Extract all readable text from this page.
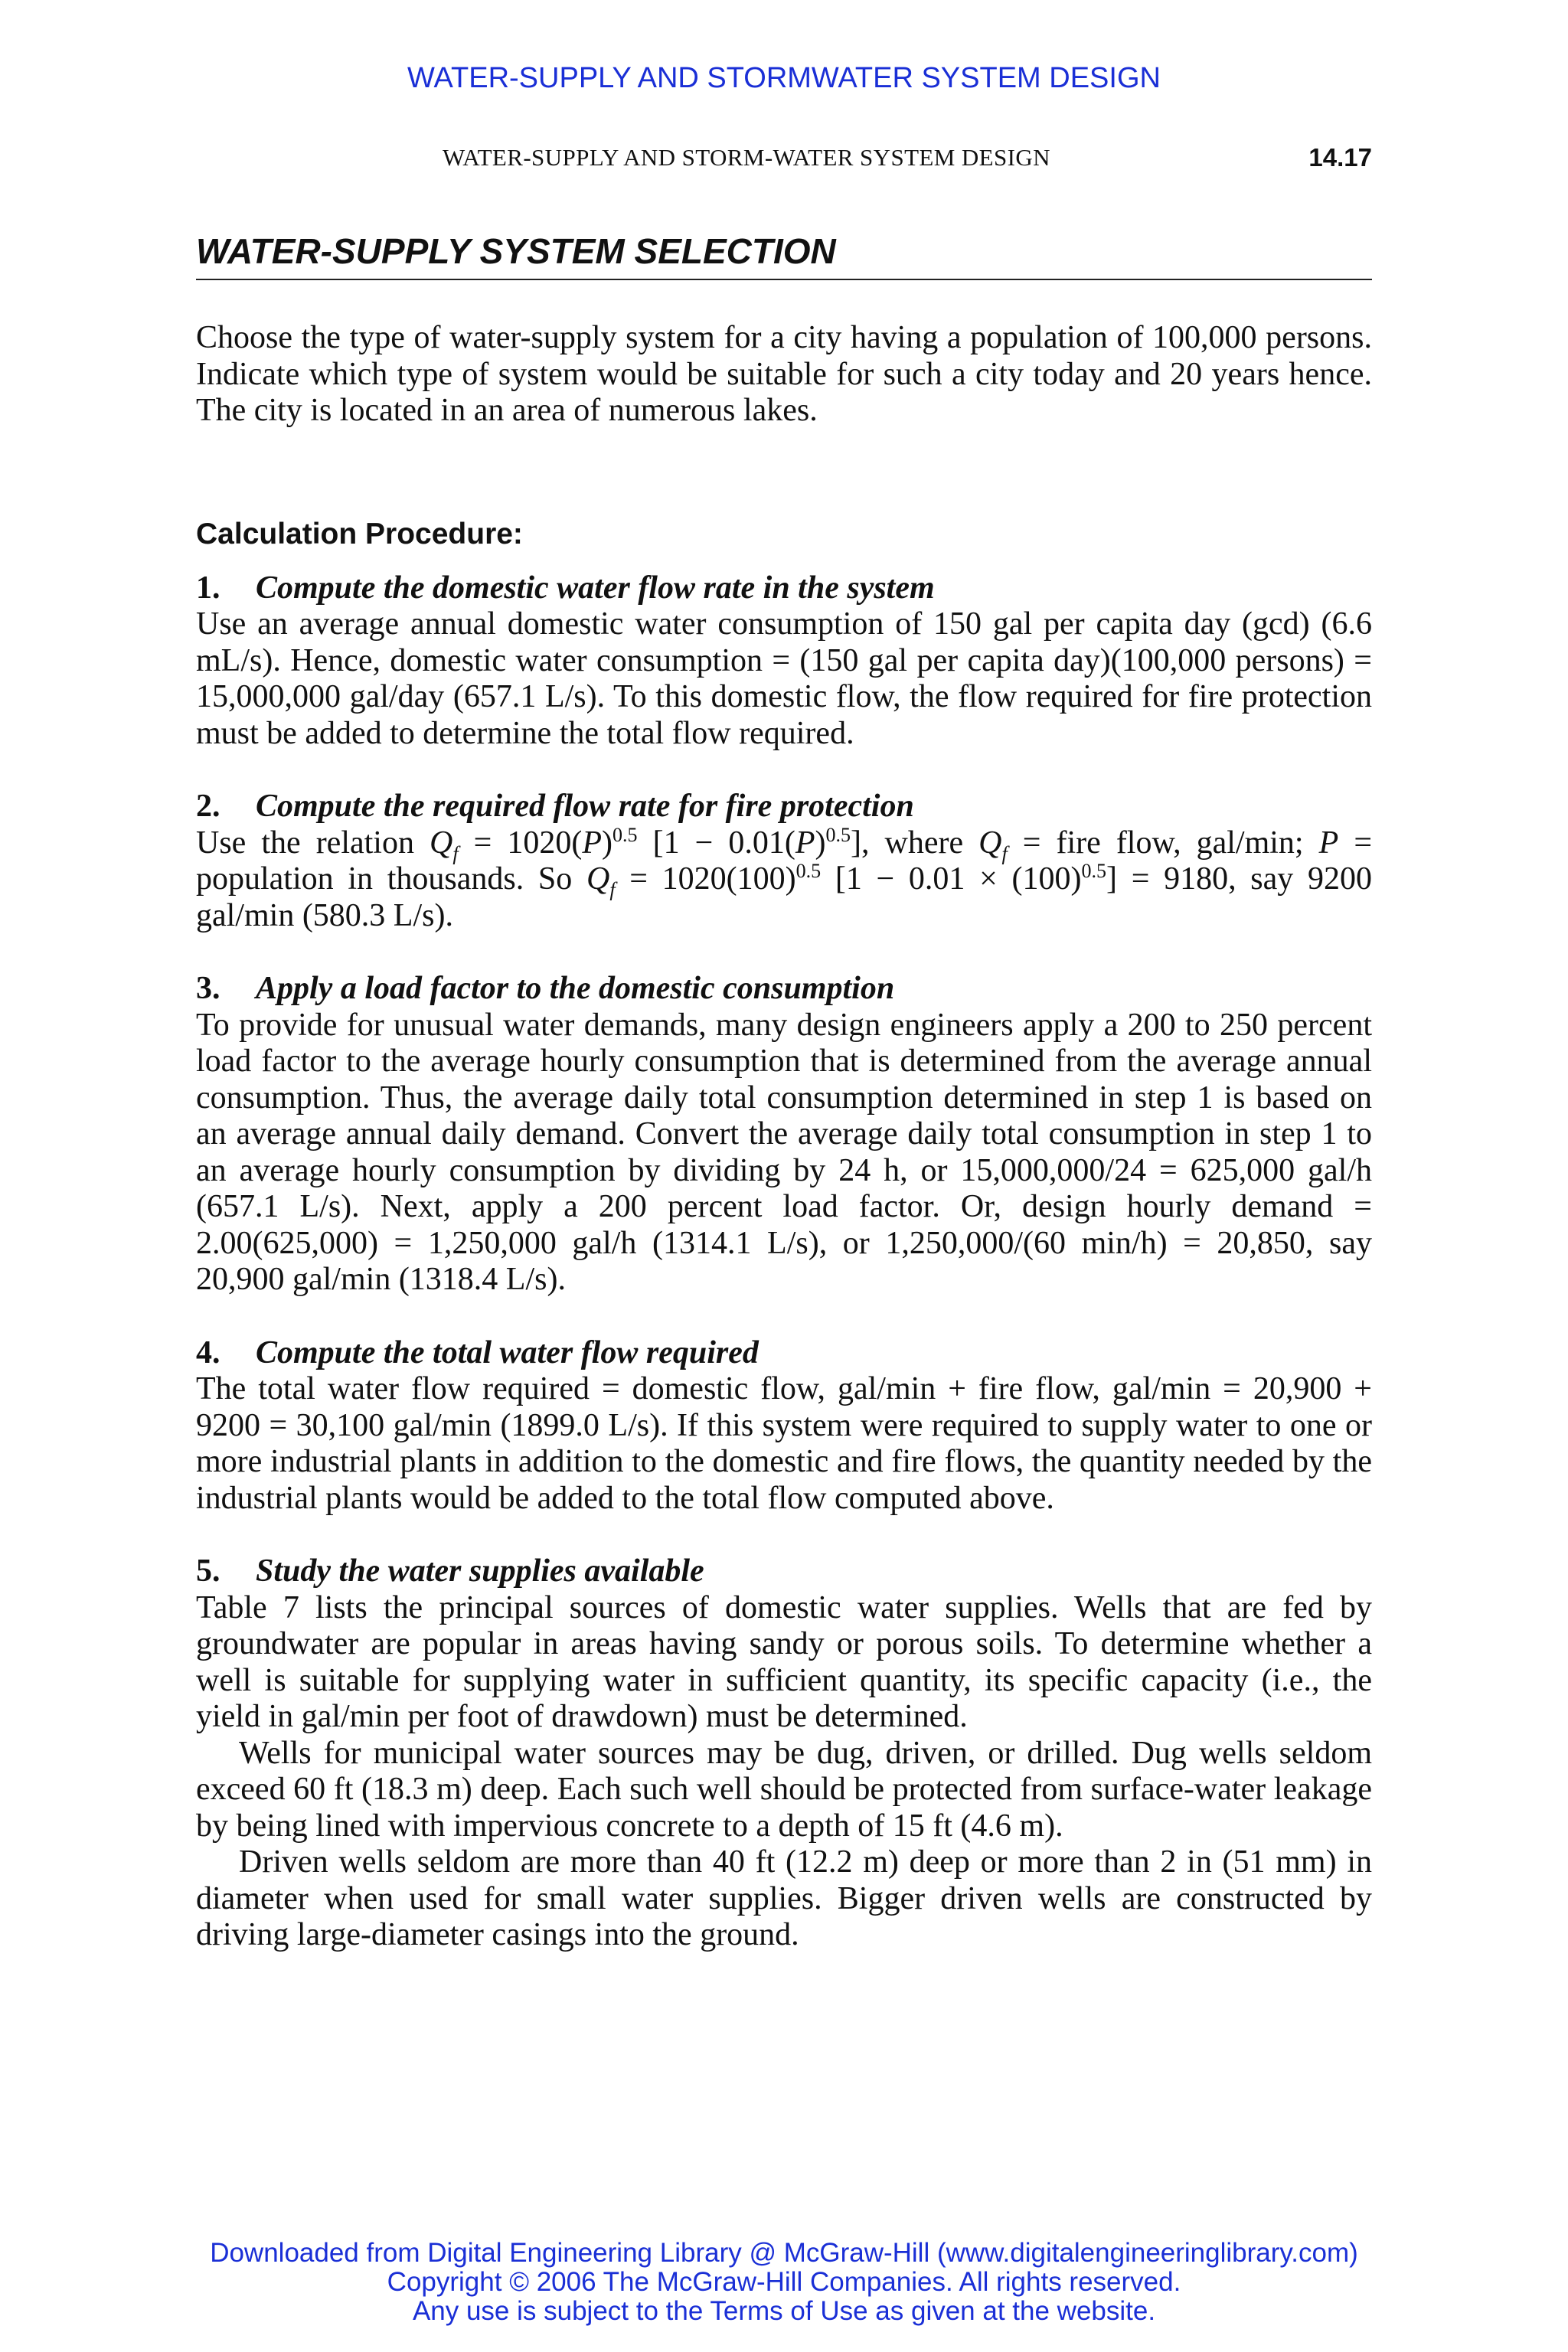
WATER-SUPPLY AND STORMWATER SYSTEM DESIGN
WATER-SUPPLY AND STORM-WATER SYSTEM DESIGN	14.17
WATER-SUPPLY SYSTEM SELECTION

Choose the type of water-supply system for a city having a population of 100,000 persons. Indicate which type of system would be suitable for such a city today and 20 years hence. The city is located in an area of numerous lakes.

Calculation Procedure:
1. Compute the domestic water flow rate in the system

Use an average annual domestic water consumption of 150 gal per capita day (gcd) (6.6 mL/s). Hence, domestic water consumption = (150 gal per capita day)(100,000 persons) = 15,000,000 gal/day (657.1 L/s). To this domestic flow, the flow required for fire protection must be added to determine the total flow required.

2. Compute the required flow rate for fire protection

Use the relation $Q_f = 1020(P)^{0.5}$ $[1 - 0.01(P)^{0.5}]$, where $Q_f$ = fire flow, gal/min; P = population in thousands. So $Q_f = 1020(100)^{0.5}$ $[1 - 0.01 \times (100)^{0.5}] = 9180$, say 9200 gal/min (580.3 L/s).

3. Apply a load factor to the domestic consumption

To provide for unusual water demands, many design engineers apply a 200 to 250 percent load factor to the average hourly consumption that is determined from the average annual consumption. Thus, the average daily total consumption determined in step 1 is based on an average annual daily demand. Convert the average daily total consumption in step 1 to an average hourly consumption by dividing by 24 h, or 15,000,000/24 = 625,000 gal/h (657.1 L/s). Next, apply a 200 percent load factor. Or, design hourly demand = 2.00(625,000) = 1,250,000 gal/h (1314.1 L/s), or 1,250,000/(60 min/h) = 20,850, say 20,900 gal/min (1318.4 L/s).

4. Compute the total water flow required

The total water flow required = domestic flow, gal/min + fire flow, gal/min = 20,900 + 9200 = 30,100 gal/min (1899.0 L/s). If this system were required to supply water to one or more industrial plants in addition to the domestic and fire flows, the quantity needed by the industrial plants would be added to the total flow computed above.

5. Study the water supplies available

Table 7 lists the principal sources of domestic water supplies. Wells that are fed by groundwater are popular in areas having sandy or porous soils. To determine whether a well is suitable for supplying water in sufficient quantity, its specific capacity (i.e., the yield in gal/min per foot of drawdown) must be determined.

Wells for municipal water sources may be dug, driven, or drilled. Dug wells seldom exceed 60 ft (18.3 m) deep. Each such well should be protected from surface-water leakage by being lined with impervious concrete to a depth of 15 ft (4.6 m).

Driven wells seldom are more than 40 ft (12.2 m) deep or more than 2 in (51 mm) in diameter when used for small water supplies. Bigger driven wells are constructed by driving large-diameter casings into the ground.

Downloaded from Digital Engineering Library @ McGraw-Hill (www.digitalengineeringlibrary.com)
Copyright © 2006 The McGraw-Hill Companies. All rights reserved.
Any use is subject to the Terms of Use as given at the website.
